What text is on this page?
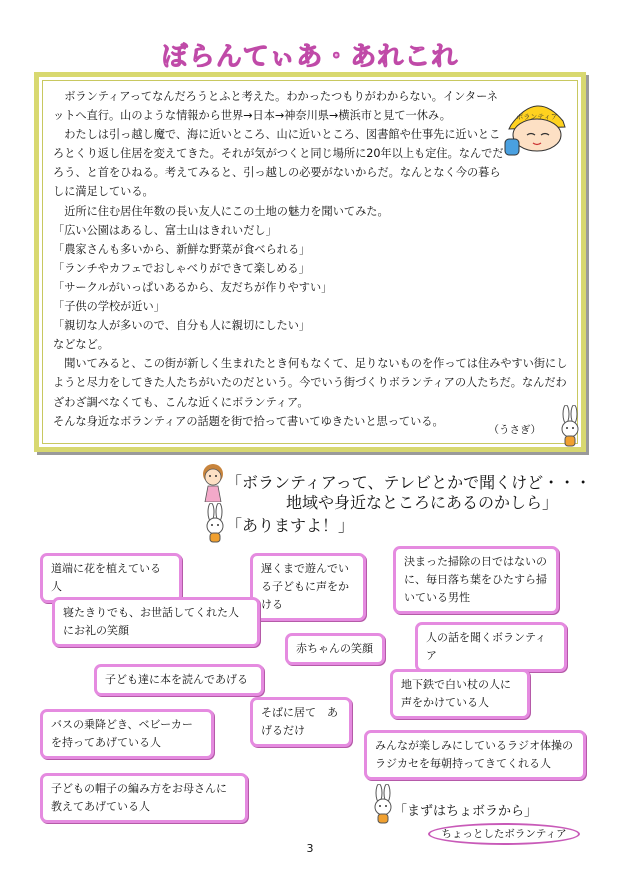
ぼらんてぃあ・あれこれ

　ボランティアってなんだろうとふと考えた。わかったつもりがわからない。インターネットへ直行。山のような情報から世界→日本→神奈川県→横浜市と見て一休み。

　わたしは引っ越し魔で、海に近いところ、山に近いところ、図書館や仕事先に近いところとくり返し住居を変えてきた。それが気がつくと同じ場所に20年以上も定住。なんでだろう、と首をひねる。考えてみると、引っ越しの必要がないからだ。なんとなく今の暮らしに満足している。

　近所に住む居住年数の長い友人にこの土地の魅力を聞いてみた。

「広い公園はあるし、富士山はきれいだし」

「農家さんも多いから、新鮮な野菜が食べられる」

「ランチやカフェでおしゃべりができて楽しめる」

「サークルがいっぱいあるから、友だちが作りやすい」

「子供の学校が近い」

「親切な人が多いので、自分も人に親切にしたい」

などなど。

　聞いてみると、この街が新しく生まれたとき何もなくて、足りないものを作っては住みやすい街にしようと尽力をしてきた人たちがいたのだという。今でいう街づくりボランティアの人たちだ。なんだわざわざ調べなくても、こんな近くにボランティア。

そんな身近なボランティアの話題を街で拾って書いてゆきたいと思っている。

ボランティア
（うさぎ）
「ボランティアって、テレビとかで聞くけど・・・
地域や身近なところにあるのかしら」
「ありますよ！」
道端に花を植えている人
遅くまで遊んでいる子どもに声をかける
決まった掃除の日ではないのに、毎日落ち葉をひたすら掃いている男性
寝たきりでも、お世話してくれた人にお礼の笑顔
赤ちゃんの笑顔
人の話を聞くボランティア
子ども達に本を読んであげる	地下鉄で白い杖の人に声をかけている人
そばに居て　あげるだけ
バスの乗降どき、ベビーカーを持ってあげている人	みんなが楽しみにしているラジオ体操のラジカセを毎朝持ってきてくれる人
子どもの帽子の編み方をお母さんに教えてあげている人	「まずはちょボラから」
ちょっとしたボランティア
3
